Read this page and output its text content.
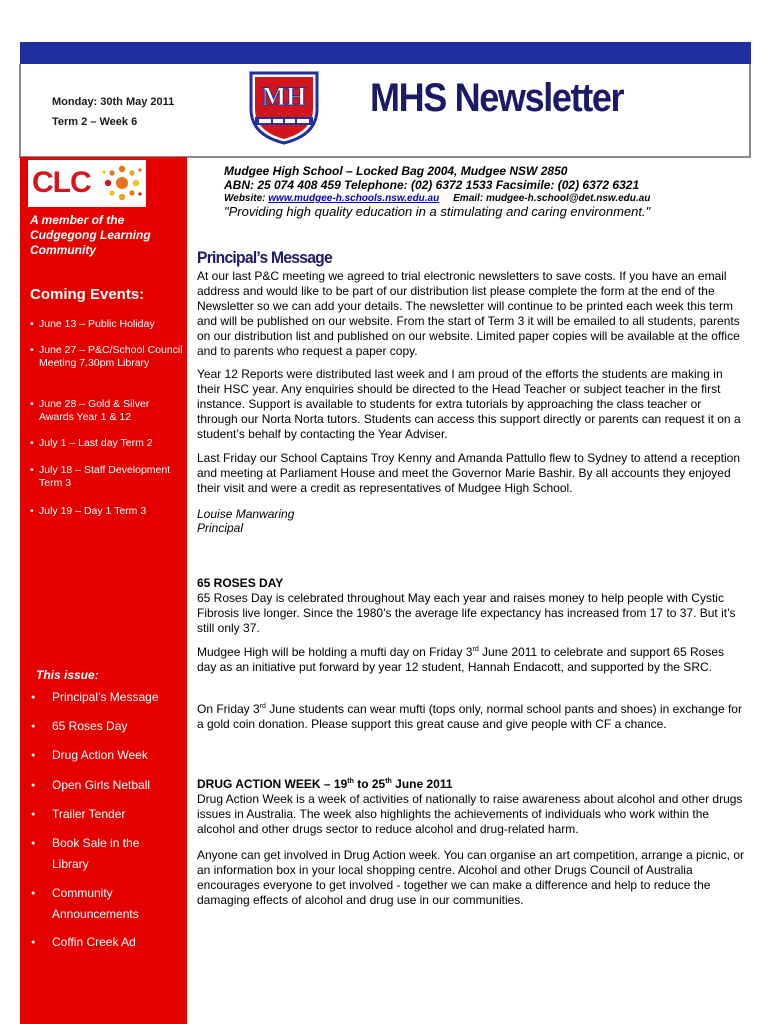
Monday: 30th May 2011
Term 2 – Week 6
MH MHS Newsletter
Mudgee High School – Locked Bag 2004, Mudgee NSW 2850
ABN: 25 074 408 459 Telephone: (02) 6372 1533 Facsimile: (02) 6372 6321
Website: www.mudgee-h.schools.nsw.edu.au Email: mudgee-h.school@det.nsw.edu.au
"Providing high quality education in a stimulating and caring environment."
CLC
A member of the Cudgegong Learning Community
Coming Events:
• June 13 – Public Holiday
• June 27 – P&C/School Council Meeting 7.30pm Library
• June 28 – Gold & Silver Awards Year 1 & 12
• July 1 – Last day Term 2
• July 18 – Staff Development Term 3
• July 19 – Day 1 Term 3
This issue:
● Principal’s Message
● 65 Roses Day
● Drug Action Week
● Open Girls Netball
● Trailer Tender
● Book Sale in the Library
● Community Announcements
● Coffin Creek Ad
Principal’s Message

At our last P&C meeting we agreed to trial electronic newsletters to save costs. If you have an email address and would like to be part of our distribution list please complete the form at the end of the Newsletter so we can add your details. The newsletter will continue to be printed each week this term and will be published on our website. From the start of Term 3 it will be emailed to all students, parents on our distribution list and published on our website. Limited paper copies will be available at the office and to parents who request a paper copy.

Year 12 Reports were distributed last week and I am proud of the efforts the students are making in their HSC year. Any enquiries should be directed to the Head Teacher or subject teacher in the first instance. Support is available to students for extra tutorials by approaching the class teacher or through our Norta Norta tutors. Students can access this support directly or parents can request it on a student’s behalf by contacting the Year Adviser.

Last Friday our School Captains Troy Kenny and Amanda Pattullo flew to Sydney to attend a reception and meeting at Parliament House and meet the Governor Marie Bashir. By all accounts they enjoyed their visit and were a credit as representatives of Mudgee High School.

Louise Manwaring
Principal
65 ROSES DAY

65 Roses Day is celebrated throughout May each year and raises money to help people with Cystic Fibrosis live longer. Since the 1980’s the average life expectancy has increased from 17 to 37. But it’s still only 37.

Mudgee High will be holding a mufti day on Friday 3rd June 2011 to celebrate and support 65 Roses day as an initiative put forward by year 12 student, Hannah Endacott, and supported by the SRC.

On Friday 3rd June students can wear mufti (tops only, normal school pants and shoes) in exchange for a gold coin donation. Please support this great cause and give people with CF a chance.

DRUG ACTION WEEK – 19th to 25th June 2011

Drug Action Week is a week of activities of nationally to raise awareness about alcohol and other drugs issues in Australia. The week also highlights the achievements of individuals who work within the alcohol and other drugs sector to reduce alcohol and drug-related harm.

Anyone can get involved in Drug Action week. You can organise an art competition, arrange a picnic, or an information box in your local shopping centre. Alcohol and other Drugs Council of Australia encourages everyone to get involved - together we can make a difference and help to reduce the damaging effects of alcohol and drug use in our communities.
